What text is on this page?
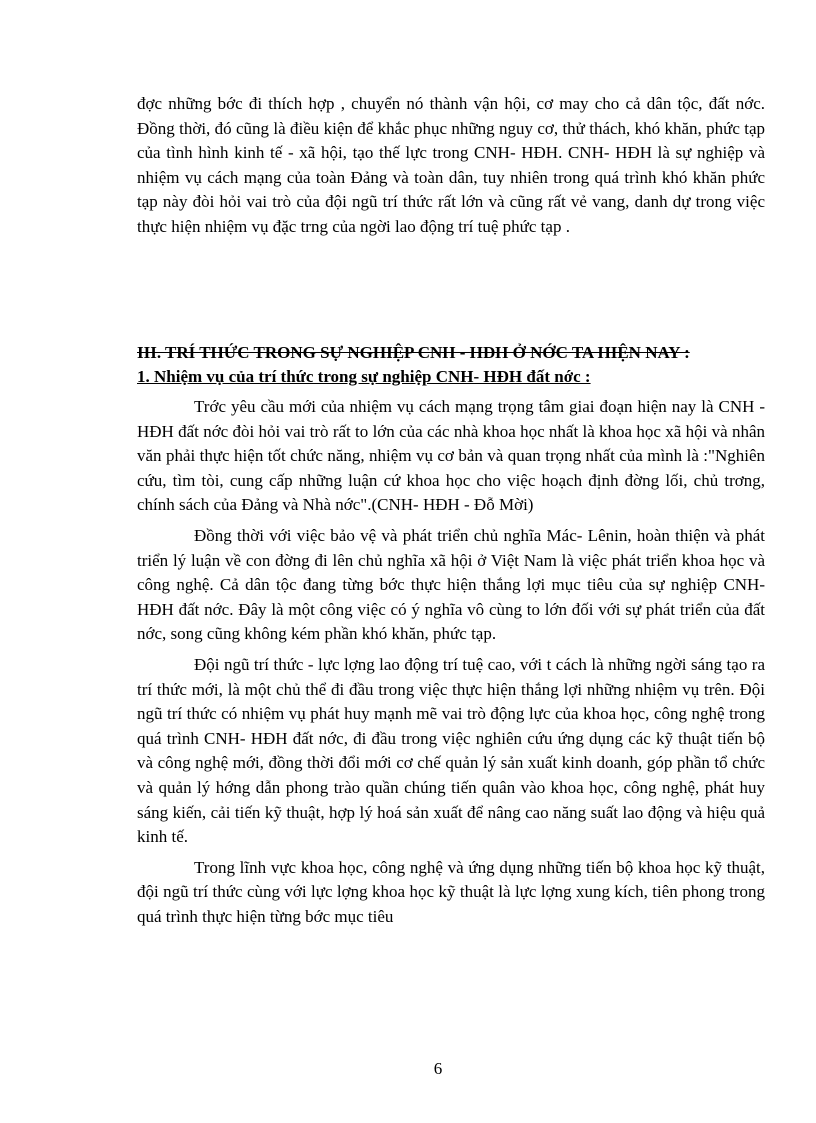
đợc những bớc đi thích hợp , chuyển nó thành vận hội, cơ may cho cả dân tộc, đất nớc. Đồng thời, đó cũng là điều kiện để khắc phục những nguy cơ, thử thách, khó khăn, phức tạp của tình hình kinh tế - xã hội, tạo thế lực trong CNH- HĐH. CNH- HĐH là sự nghiệp và nhiệm vụ cách mạng của toàn Đảng và toàn dân, tuy nhiên trong quá trình khó khăn phức tạp này đòi hỏi vai trò của đội ngũ trí thức rất lớn và cũng rất vẻ vang, danh dự trong việc thực hiện nhiệm vụ đặc trng của ngời lao động trí tuệ phức tạp .

III. TRÍ THỨC TRONG SỰ NGHIỆP CNH - HĐH Ở NỚC TA HIỆN NAY :

1. Nhiệm vụ của trí thức trong sự nghiệp CNH- HĐH đất nớc :

Trớc yêu cầu mới của nhiệm vụ cách mạng trọng tâm giai đoạn hiện nay là CNH - HĐH đất nớc đòi hỏi vai trò rất to lớn của các nhà khoa học nhất là khoa học xã hội và nhân văn phải thực hiện tốt chức năng, nhiệm vụ cơ bản và quan trọng nhất của mình là :"Nghiên cứu, tìm tòi, cung cấp những luận cứ khoa học cho việc hoạch định đờng lối, chủ trơng, chính sách của Đảng và Nhà nớc".(CNH- HĐH - Đỗ Mời)

Đồng thời với việc bảo vệ và phát triển chủ nghĩa Mác- Lênin, hoàn thiện và phát triển lý luận về con đờng đi lên chủ nghĩa xã hội ở Việt Nam là việc phát triển khoa học và công nghệ. Cả dân tộc đang từng bớc thực hiện thắng lợi mục tiêu của sự nghiệp CNH- HĐH đất nớc. Đây là một công việc có ý nghĩa vô cùng to lớn đối với sự phát triển của đất nớc, song cũng không kém phần khó khăn, phức tạp.

Đội ngũ trí thức - lực lợng lao động trí tuệ cao, với t cách là những ngời sáng tạo ra trí thức mới, là một chủ thể đi đầu trong việc thực hiện thắng lợi những nhiệm vụ trên. Đội ngũ trí thức có nhiệm vụ phát huy mạnh mẽ vai trò động lực của khoa học, công nghệ trong quá trình CNH- HĐH đất nớc, đi đầu trong việc nghiên cứu ứng dụng các kỹ thuật tiến bộ và công nghệ mới, đồng thời đổi mới cơ chế quản lý sản xuất kinh doanh, góp phần tổ chức và quản lý hớng dẫn phong trào quần chúng tiến quân vào khoa học, công nghệ, phát huy sáng kiến, cải tiến kỹ thuật, hợp lý hoá sản xuất để nâng cao năng suất lao động và hiệu quả kinh tế.

Trong lĩnh vực khoa học, công nghệ và ứng dụng những tiến bộ khoa học kỹ thuật, đội ngũ trí thức cùng với lực lợng khoa học kỹ thuật là lực lợng xung kích, tiên phong trong quá trình thực hiện từng bớc mục tiêu

6
